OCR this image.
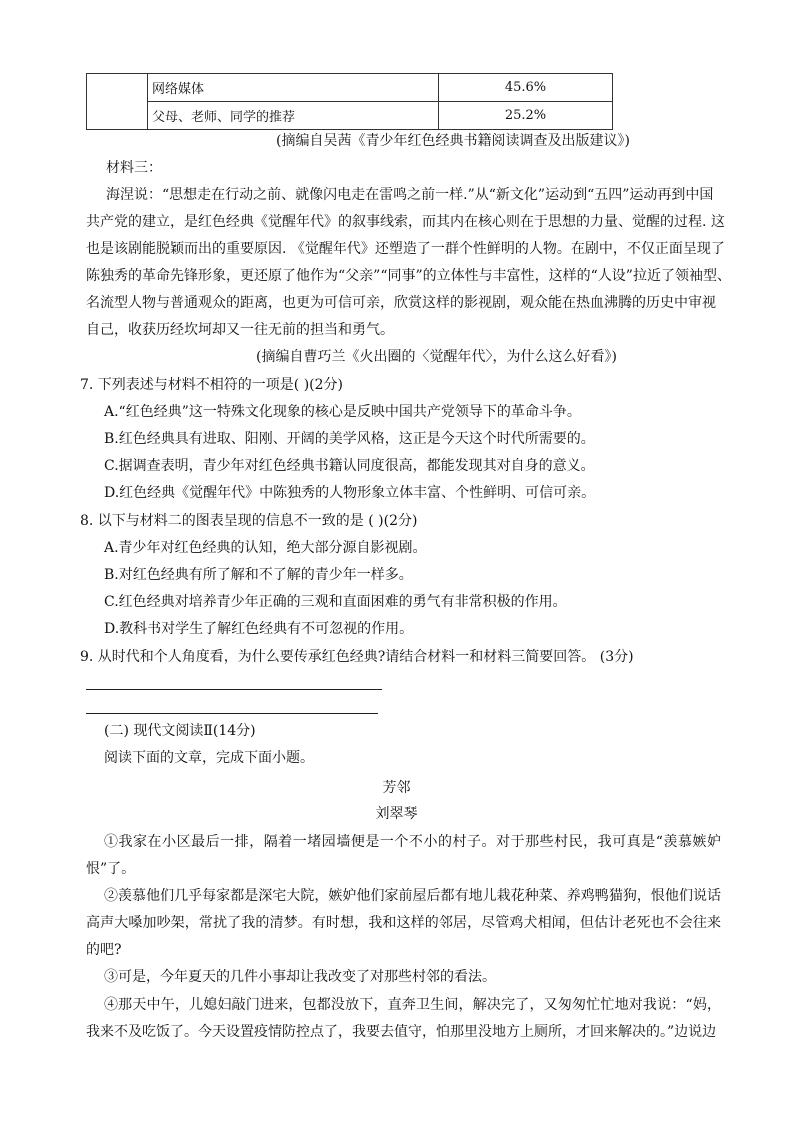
	网络媒体	45.6%
	父母、老师、同学的推荐	25.2%
(摘编自吴茜《青少年红色经典书籍阅读调查及出版建议》)
材料三：
海涅说：“思想走在行动之前、就像闪电走在雷鸣之前一样.”从“新文化”运动到“五四”运动再到中国
共产党的建立，是红色经典《觉醒年代》的叙事线索，而其内在核心则在于思想的力量、觉醒的过程. 这
也是该剧能脱颖而出的重要原因. 《觉醒年代》还塑造了一群个性鲜明的人物。在剧中，不仅正面呈现了
陈独秀的革命先锋形象，更还原了他作为“父亲”“同事”的立体性与丰富性，这样的“人设”拉近了领袖型、
名流型人物与普通观众的距离，也更为可信可亲，欣赏这样的影视剧，观众能在热血沸腾的历史中审视
自己，收获历经坎坷却又一往无前的担当和勇气。
(摘编自曹巧兰《火出圈的〈觉醒年代〉，为什么这么好看》)
7. 下列表述与材料不相符的一项是( )(2分)
A.“红色经典”这一特殊文化现象的核心是反映中国共产党领导下的革命斗争。
B.红色经典具有进取、阳刚、开阔的美学风格，这正是今天这个时代所需要的。
C.据调查表明，青少年对红色经典书籍认同度很高，都能发现其对自身的意义。
D.红色经典《觉醒年代》中陈独秀的人物形象立体丰富、个性鲜明、可信可亲。
8. 以下与材料二的图表呈现的信息不一致的是 ( )(2分)
A.青少年对红色经典的认知，绝大部分源自影视剧。
B.对红色经典有所了解和不了解的青少年一样多。
C.红色经典对培养青少年正确的三观和直面困难的勇气有非常积极的作用。
D.教科书对学生了解红色经典有不可忽视的作用。
9. 从时代和个人角度看，为什么要传承红色经典?请结合材料一和材料三简要回答。 (3分)
(二) 现代文阅读Ⅱ(14分)
阅读下面的文章，完成下面小题。
芳邻
刘翠琴
①我家在小区最后一排，隔着一堵园墙便是一个不小的村子。对于那些村民，我可真是“羡慕嫉妒恨”了。
②羡慕他们几乎每家都是深宅大院，嫉妒他们家前屋后都有地儿栽花种菜、养鸡鸭猫狗，恨他们说话高声大嗓加吵架，常扰了我的清梦。有时想，我和这样的邻居，尽管鸡犬相闻，但估计老死也不会往来的吧?
③可是，今年夏天的几件小事却让我改变了对那些村邻的看法。
④那天中午，儿媳妇敲门进来，包都没放下，直奔卫生间，解决完了，又匆匆忙忙地对我说：“妈，我来不及吃饭了。今天设置疫情防控点了，我要去值守，怕那里没地方上厕所，才回来解决的。”边说边
